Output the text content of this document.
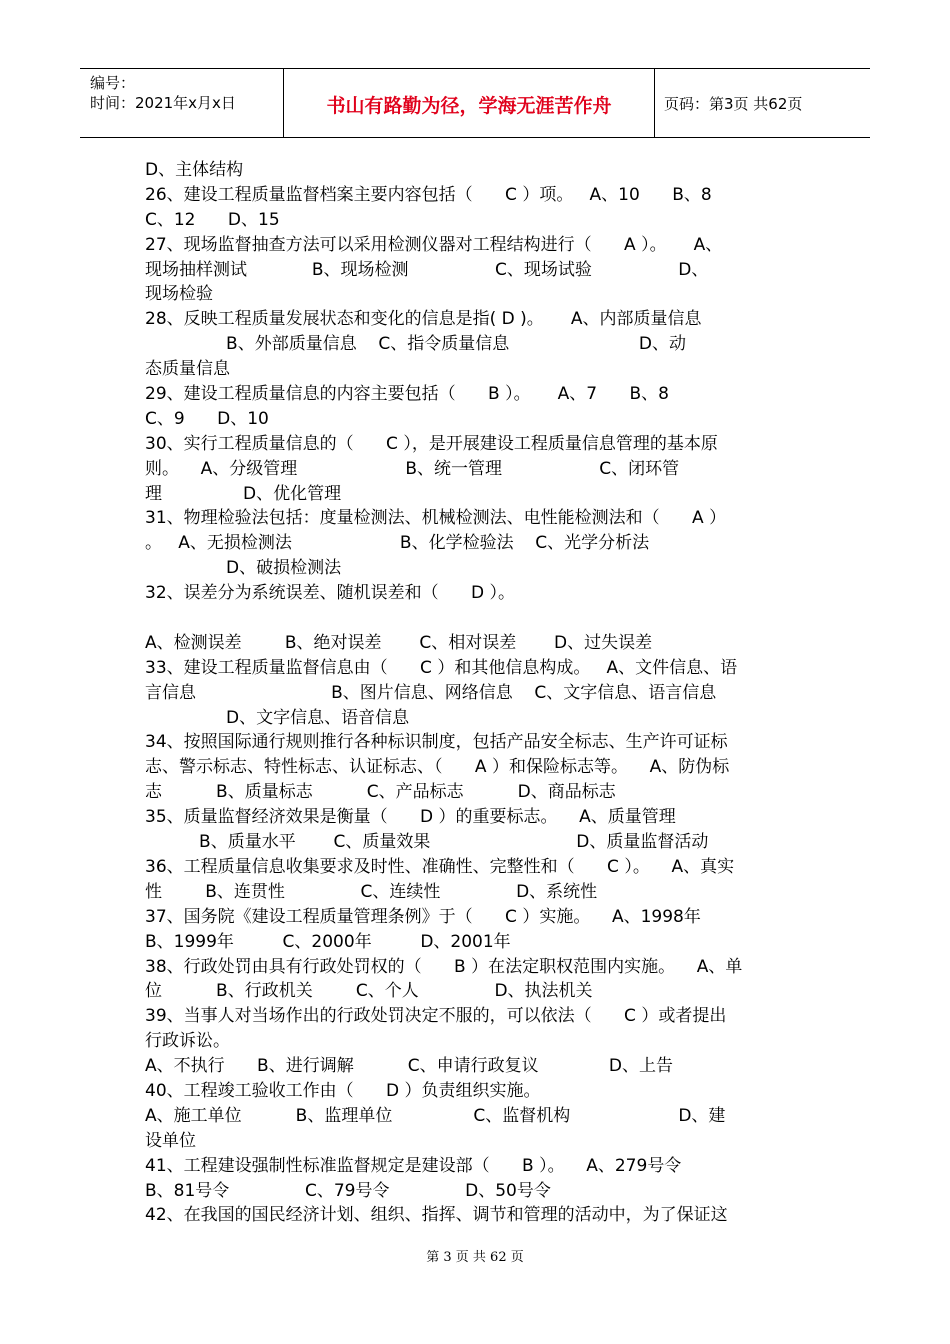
编号：
时间：2021年x月x日	书山有路勤为径，学海无涯苦作舟	页码：第3页 共62页
D、主体结构
26、建设工程质量监督档案主要内容包括（      C ）项。   A、10      B、8
C、12      D、15
27、现场监督抽查方法可以采用检测仪器对工程结构进行（      A ）。     A、
现场抽样测试            B、现场检测                C、现场试验                D、
现场检验
28、反映工程质量发展状态和变化的信息是指( D )。     A、内部质量信息
B、外部质量信息    C、指令质量信息                        D、动
态质量信息
29、建设工程质量信息的内容主要包括（      B ）。     A、7      B、8
C、9      D、10
30、实行工程质量信息的（      C ），是开展建设工程质量信息管理的基本原
则。    A、分级管理                    B、统一管理                  C、闭环管
理               D、优化管理
31、物理检验法包括：度量检测法、机械检测法、电性能检测法和（      A ）
。   A、无损检测法                    B、化学检验法    C、光学分析法
D、破损检测法
32、误差分为系统误差、随机误差和（      D ）。
A、检测误差        B、绝对误差       C、相对误差       D、过失误差
33、建设工程质量监督信息由（      C ）和其他信息构成。   A、文件信息、语
言信息                         B、图片信息、网络信息    C、文字信息、语言信息
D、文字信息、语音信息
34、按照国际通行规则推行各种标识制度，包括产品安全标志、生产许可证标
志、警示标志、特性标志、认证标志、（      A ）和保险标志等。    A、防伪标
志          B、质量标志          C、产品标志          D、商品标志
35、质量监督经济效果是衡量（      D ）的重要标志。    A、质量管理
B、质量水平       C、质量效果                           D、质量监督活动
36、工程质量信息收集要求及时性、准确性、完整性和（      C ）。    A、真实
性        B、连贯性              C、连续性              D、系统性
37、国务院《建设工程质量管理条例》于（      C ）实施。    A、1998年
B、1999年         C、2000年         D、2001年
38、行政处罚由具有行政处罚权的（      B ）在法定职权范围内实施。    A、单
位          B、行政机关        C、个人              D、执法机关
39、当事人对当场作出的行政处罚决定不服的，可以依法（      C ）或者提出
行政诉讼。
A、不执行      B、进行调解          C、申请行政复议             D、上告
40、工程竣工验收工作由（      D ）负责组织实施。
A、施工单位          B、监理单位               C、监督机构                    D、建
设单位
41、工程建设强制性标准监督规定是建设部（      B ）。    A、279号令
B、81号令              C、79号令              D、50号令
42、在我国的国民经济计划、组织、指挥、调节和管理的活动中，为了保证这
第 3 页 共 62 页
